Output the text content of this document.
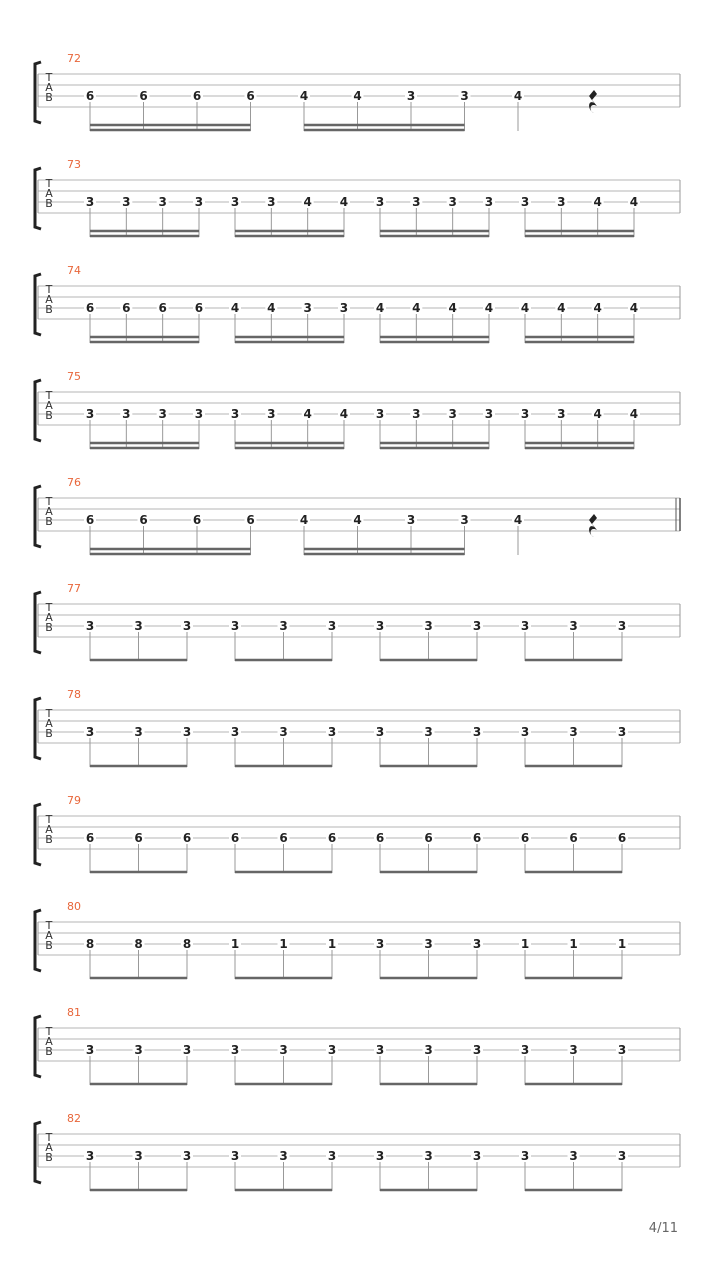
72
T
A
B	6	6	6	6	4	4	3	3	4
73
T
A
B	3 3 3 3 3 3 4 4 3 3 3 3 3 3 4 4
74
T
A
B	6 6 6 6 4 4 3 3 4 4 4 4 4 4 4 4
75
T
A
B	3 3 3 3 3 3 4 4 3 3 3 3 3 3 4 4
76
T
A
B	6	6	6	6	4	4	3	3	4
77
T
A
B	3	3	3	3	3	3	3	3	3	3	3	3
78
T
A
B	3	3	3	3	3	3	3	3	3	3	3	3
79
T
A
B	6	6	6	6	6	6	6	6	6	6	6	6
80
T
A
B	8	8	8	1	1	1	3	3	3	1	1	1
81
T
A
B	3	3	3	3	3	3	3	3	3	3	3	3
82
T
A
B	3	3	3	3	3	3	3	3	3	3	3	3
4/11
